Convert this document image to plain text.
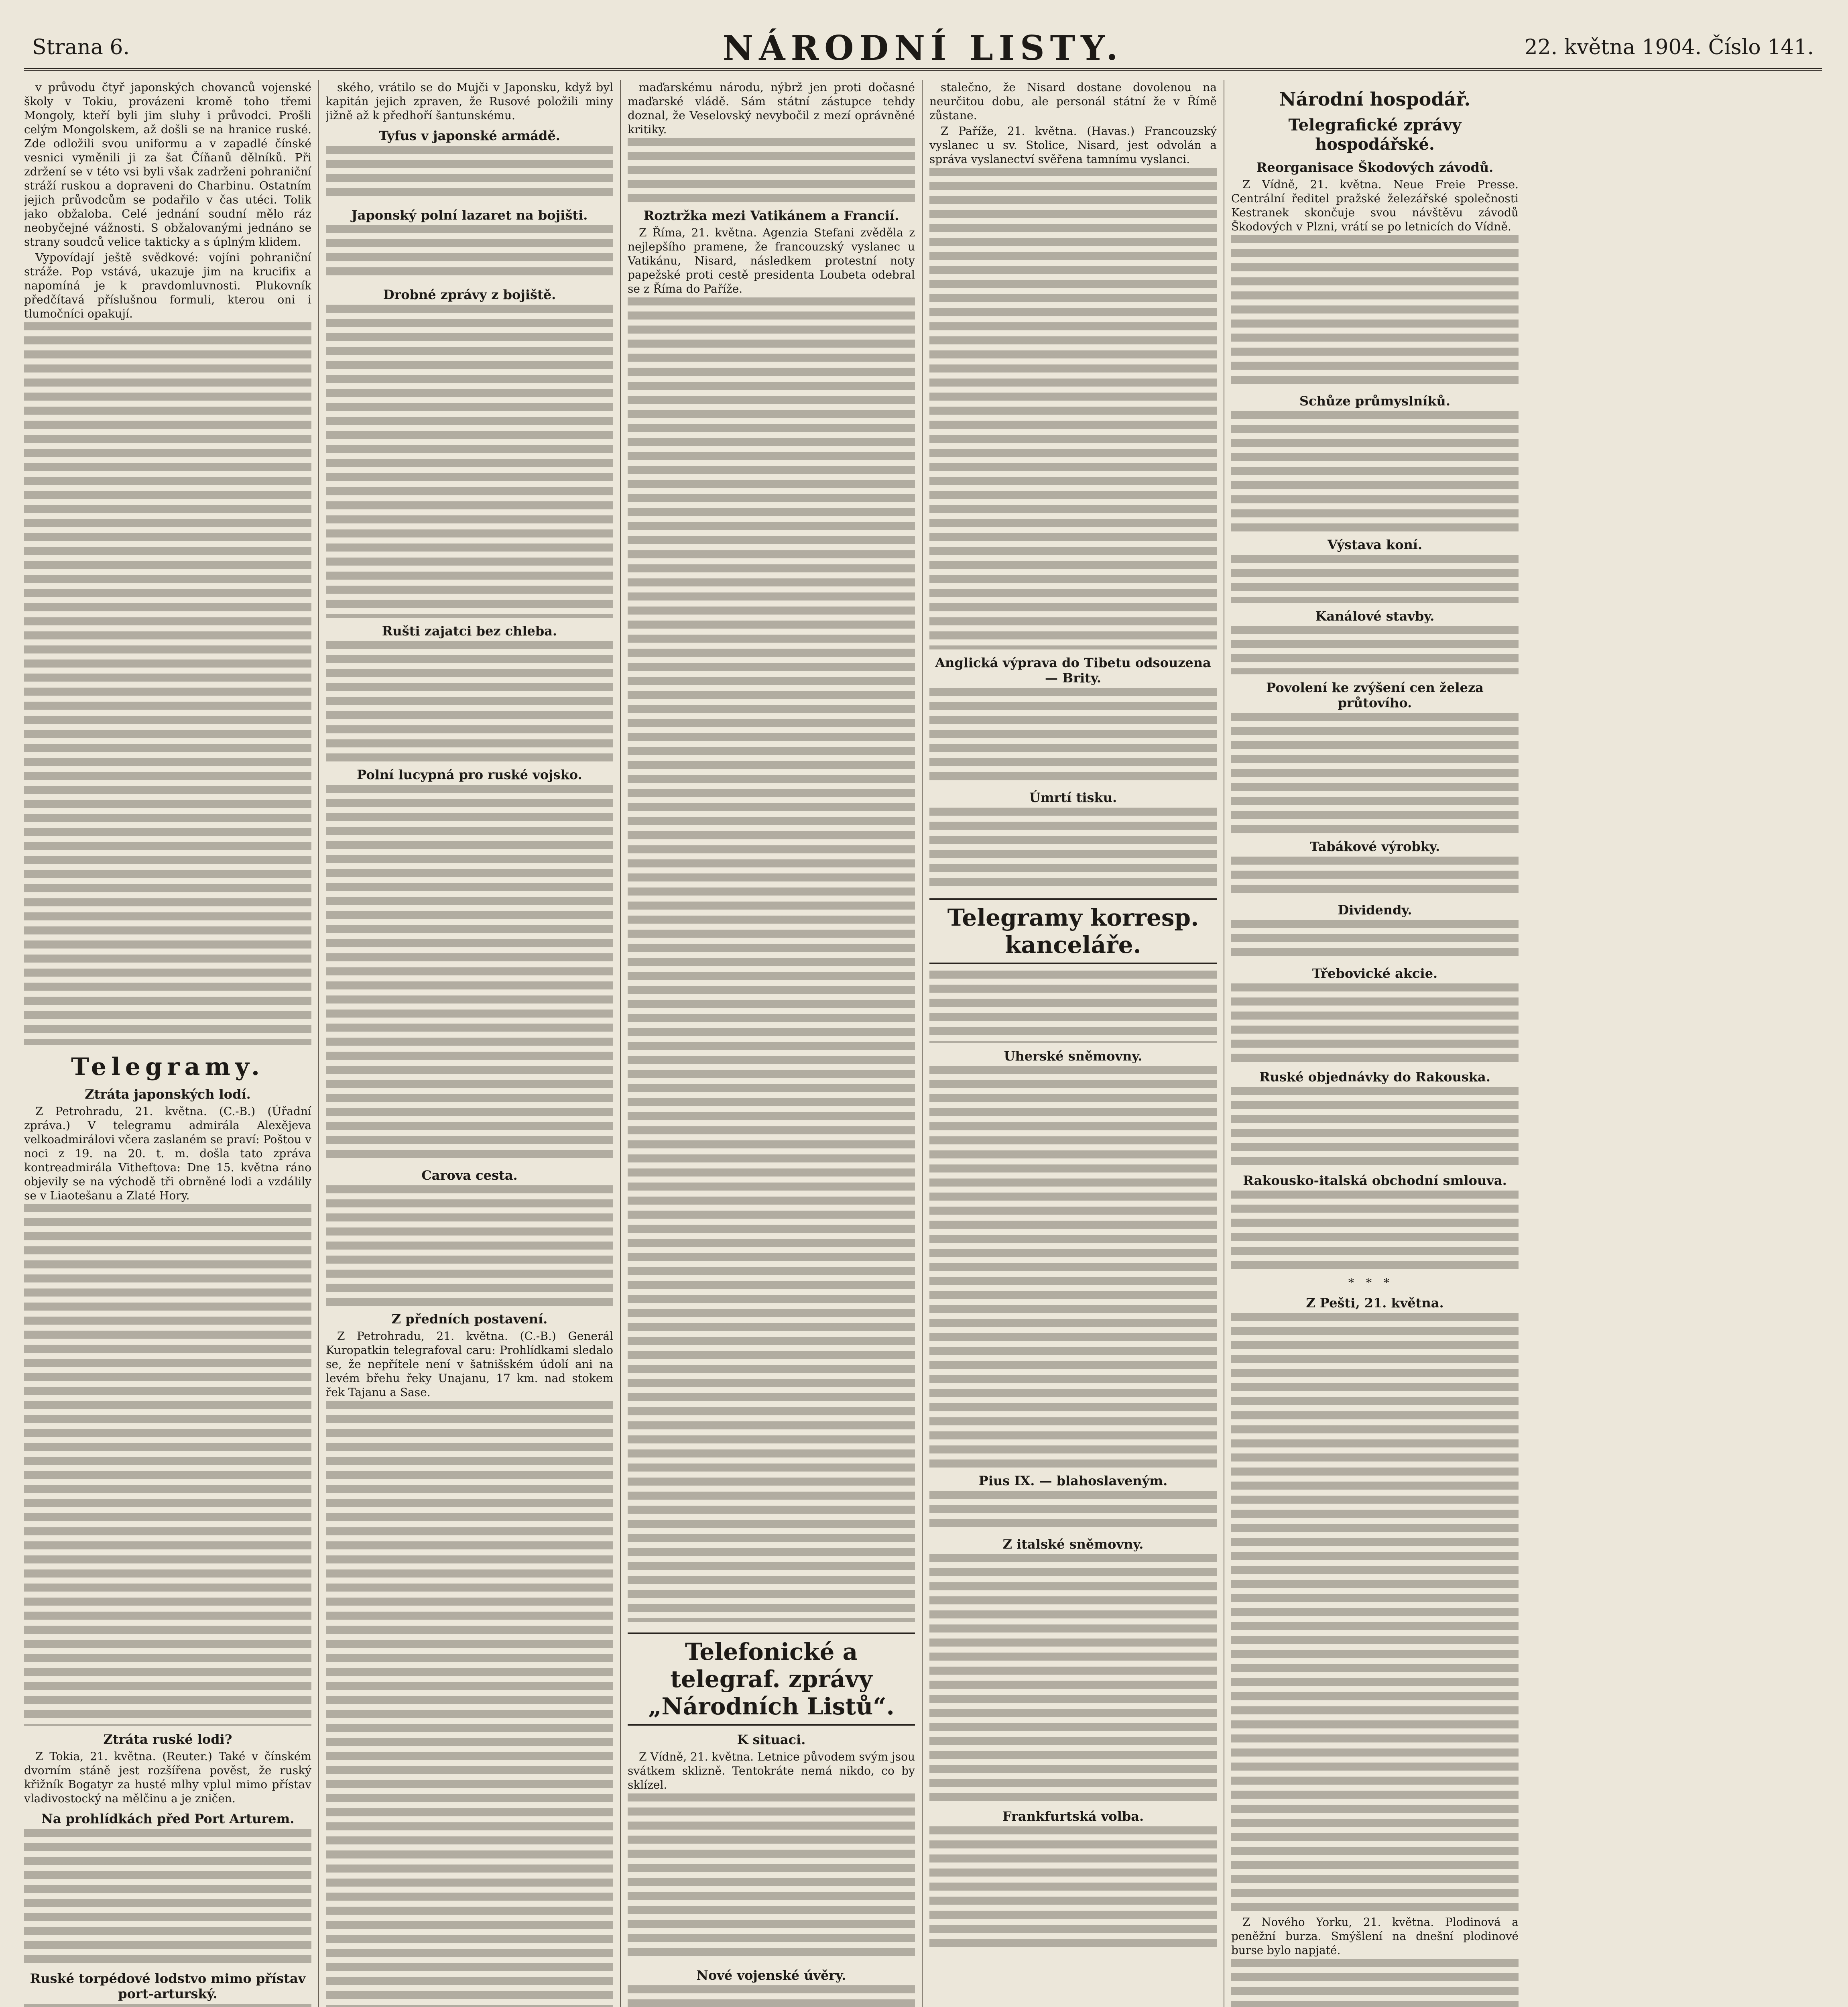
Strana 6.	NÁRODNÍ LISTY.	22. května 1904. Číslo 141.
v průvodu čtyř japonských chovanců vojenské školy v Tokiu, provázeni kromě toho třemi Mongoly, kteří byli jim sluhy i průvodci. Prošli celým Mongolskem, až došli se na hranice ruské. Zde odložili svou uniformu a v zapadlé čínské vesnici vyměnili ji za šat Číňanů dělníků. Při zdržení se v této vsi byli však zadrženi pohraniční stráží ruskou a dopraveni do Charbinu. Ostatním jejich průvodcům se podařilo v čas utéci. Tolik jako obžaloba. Celé jednání soudní mělo ráz neobyčejné vážnosti. S obžalovanými jednáno se strany soudců velice takticky a s úplným klidem.
Vypovídají ještě svědkové: vojíni pohraniční stráže. Pop vstává, ukazuje jim na krucifix a napomíná je k pravdomluvnosti. Plukovník předčítavá příslušnou formuli, kterou oni i tlumočníci opakují.
Telegramy.
Ztráta japonských lodí.
Z Petrohradu, 21. května. (C.-B.) (Úřadní zpráva.) V telegramu admirála Alexějeva velkoadmirálovi včera zaslaném se praví: Poštou v noci z 19. na 20. t. m. došla tato zpráva kontreadmirála Vitheftova: Dne 15. května ráno objevily se na východě tři obrněné lodi a vzdálily se v Liaotešanu a Zlaté Hory.
Ztráta ruské lodi?
Z Tokia, 21. května. (Reuter.) Také v čínském dvorním stáně jest rozšířena pověst, že ruský křižník Bogatyr za husté mlhy vplul mimo přístav vladivostocký na mělčinu a je zničen.
Na prohlídkách před Port Arturem.
Ruské torpédové lodstvo mimo přístav port-arturský.
ského, vrátilo se do Mujči v Japonsku, když byl kapitán jejich zpraven, že Rusové položili miny jižně až k předhoří šantunskému.
Tyfus v japonské armádě.
Japonský polní lazaret na bojišti.
Drobné zprávy z bojiště.
Rušti zajatci bez chleba.
Polní lucypná pro ruské vojsko.
Carova cesta.
Z předních postavení.
Z Petrohradu, 21. května. (C.-B.) Generál Kuropatkin telegrafoval caru: Prohlídkami sledalo se, že nepřítele není v šatnišském údolí ani na levém břehu řeky Unajanu, 17 km. nad stokem řek Tajanu a Sase.
maďarskému národu, nýbrž jen proti dočasné maďarské vládě. Sám státní zástupce tehdy doznal, že Veselovský nevybočil z mezí oprávněné kritiky.
Roztržka mezi Vatikánem a Francií.
Z Říma, 21. května. Agenzia Stefani zvěděla z nejlepšího pramene, že francouzský vyslanec u Vatikánu, Nisard, následkem protestní noty papežské proti cestě presidenta Loubeta odebral se z Říma do Paříže.
Telefonické a telegraf. zprávy „Národních Listů“.
K situaci.
Z Vídně, 21. května. Letnice původem svým jsou svátkem sklizně. Tentokráte nemá nikdo, co by sklízel.
Nové vojenské úvěry.
stalečno, že Nisard dostane dovolenou na neurčitou dobu, ale personál státní že v Římě zůstane.
Z Paříže, 21. května. (Havas.) Francouzský vyslanec u sv. Stolice, Nisard, jest odvolán a správa vyslanectví svěřena tamnímu vyslanci.
Anglická výprava do Tibetu odsouzena — Brity.
Úmrtí tisku.
Telegramy korresp. kanceláře.
Uherské sněmovny.
Pius IX. — blahoslaveným.
Z italské sněmovny.
Frankfurtská volba.
Národní hospodář.
Telegrafické zprávy hospodářské.
Reorganisace Škodových závodů.
Z Vídně, 21. května. Neue Freie Presse. Centrální ředitel pražské železářské společnosti Kestranek skončuje svou návštěvu závodů Škodových v Plzni, vrátí se po letnicích do Vídně.
Schůze průmyslníků.
Výstava koní.
Kanálové stavby.
Povolení ke zvýšení cen železa průtovího.
Tabákové výrobky.
Dividendy.
Třebovické akcie.
Ruské objednávky do Rakouska.
Rakousko-italská obchodní smlouva.
***
Z Pešti, 21. května.
Z Nového Yorku, 21. května. Plodinová a peněžní burza. Smýšlení na dnešní plodinové burse bylo napjaté.
